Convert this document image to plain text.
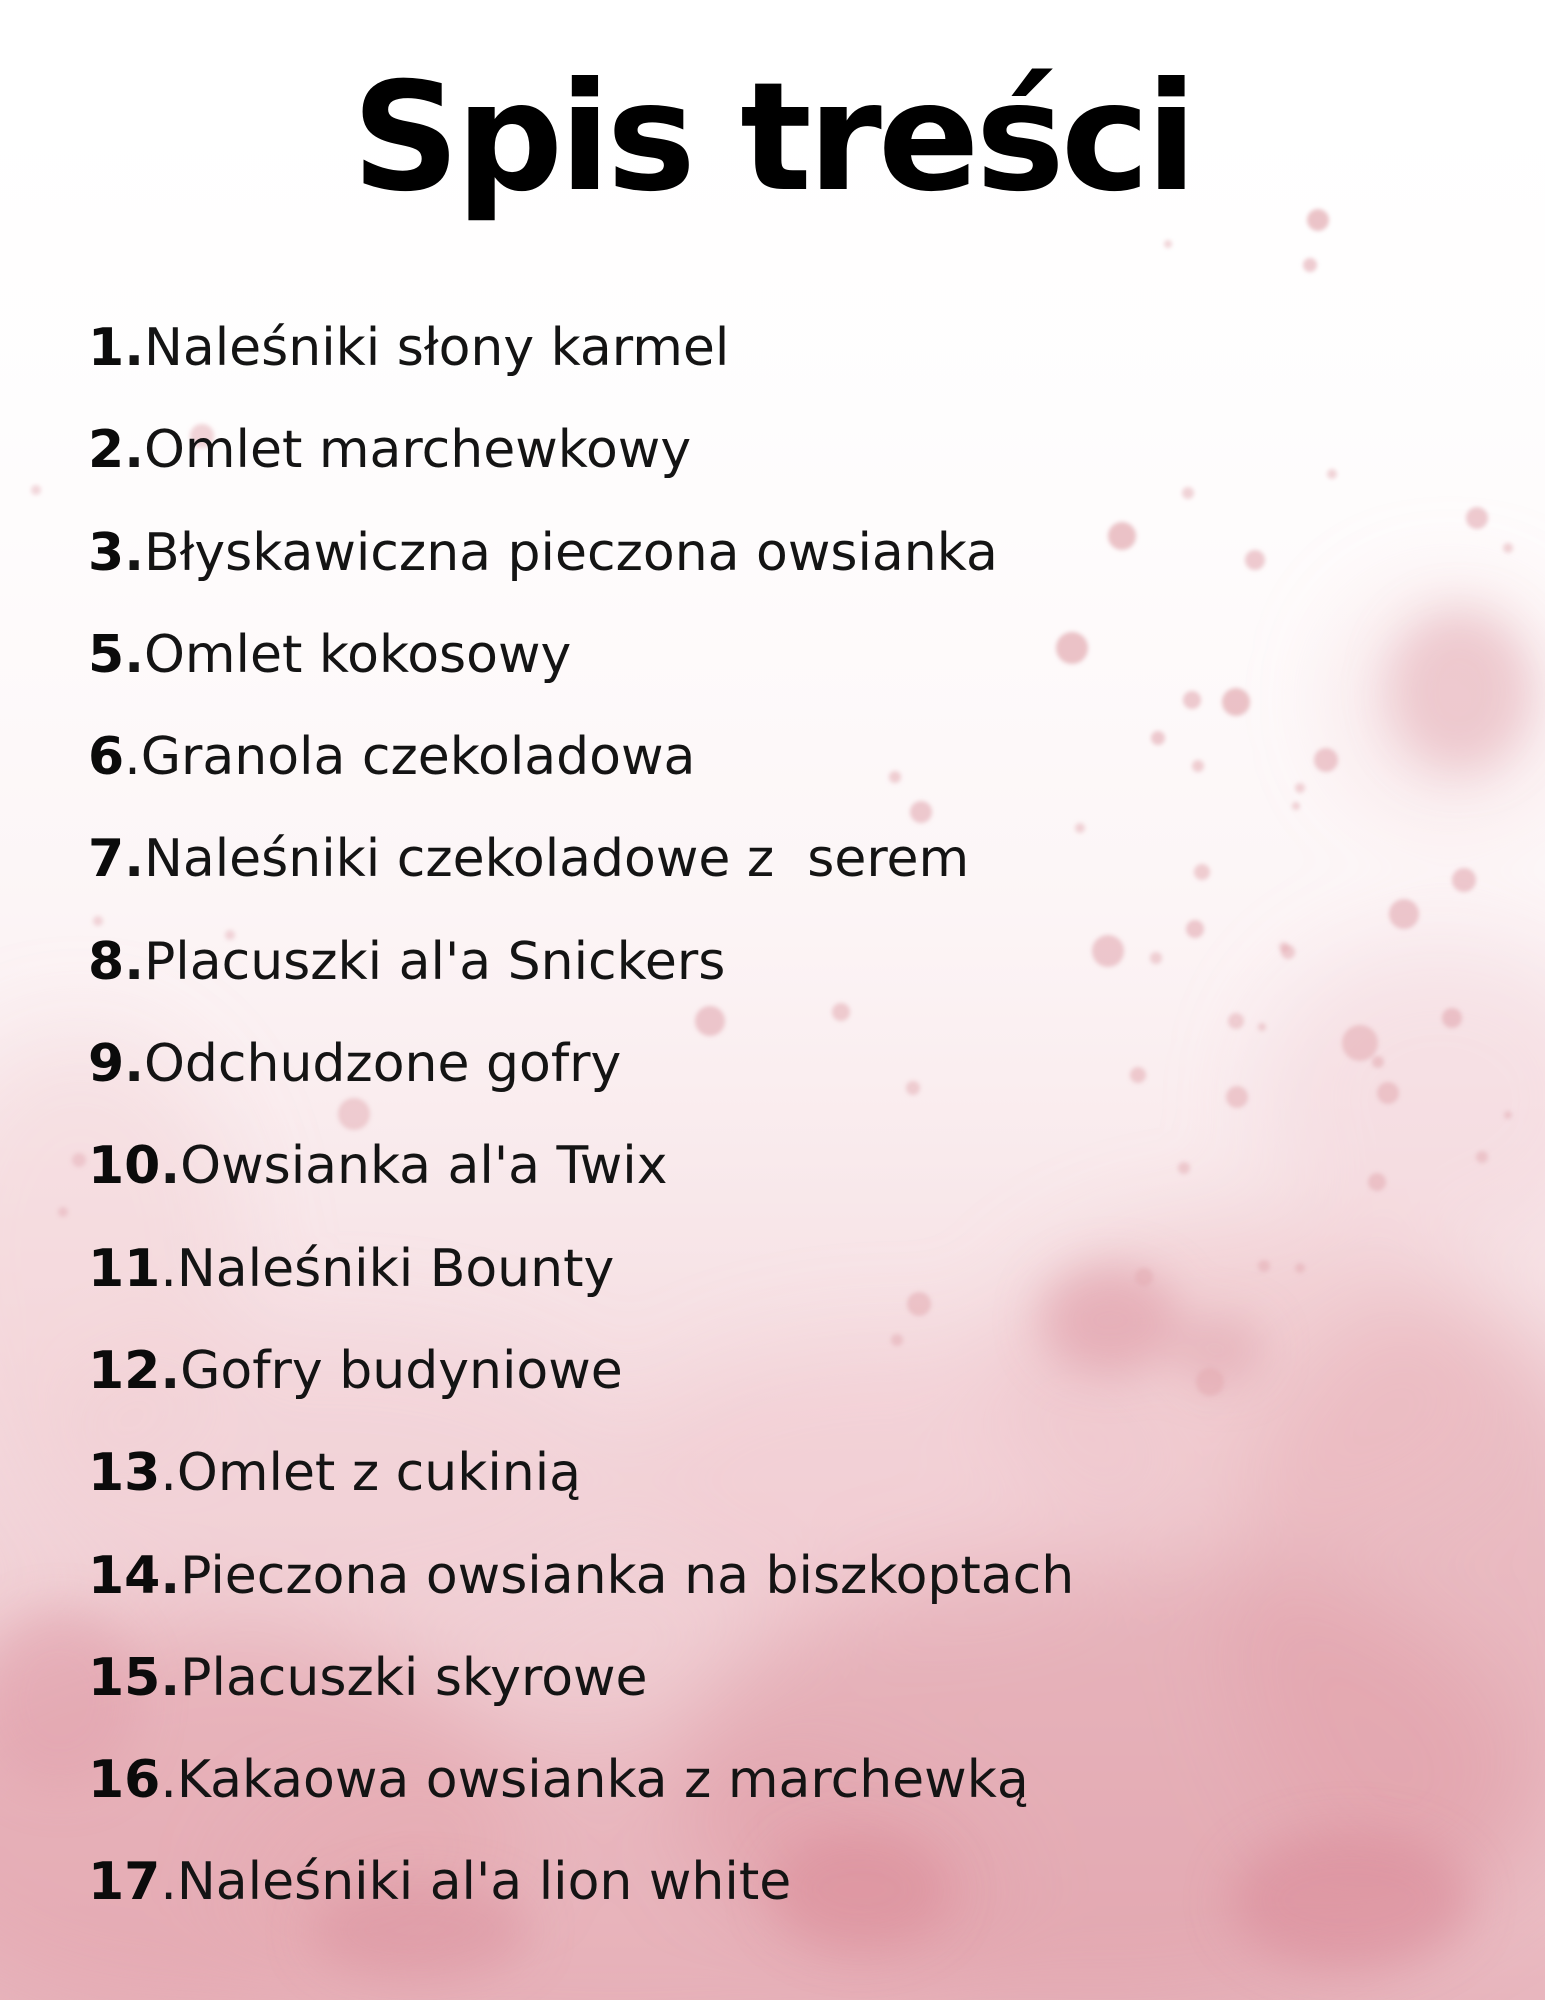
Spis treści
1.Naleśniki słony karmel
2.Omlet marchewkowy
3.Błyskawiczna pieczona owsianka
5.Omlet kokosowy
6.Granola czekoladowa
7.Naleśniki czekoladowe z  serem
8.Placuszki al'a Snickers
9.Odchudzone gofry
10.Owsianka al'a Twix
11.Naleśniki Bounty
12.Gofry budyniowe
13.Omlet z cukinią
14.Pieczona owsianka na biszkoptach
15.Placuszki skyrowe
16.Kakaowa owsianka z marchewką
17.Naleśniki al'a lion white
